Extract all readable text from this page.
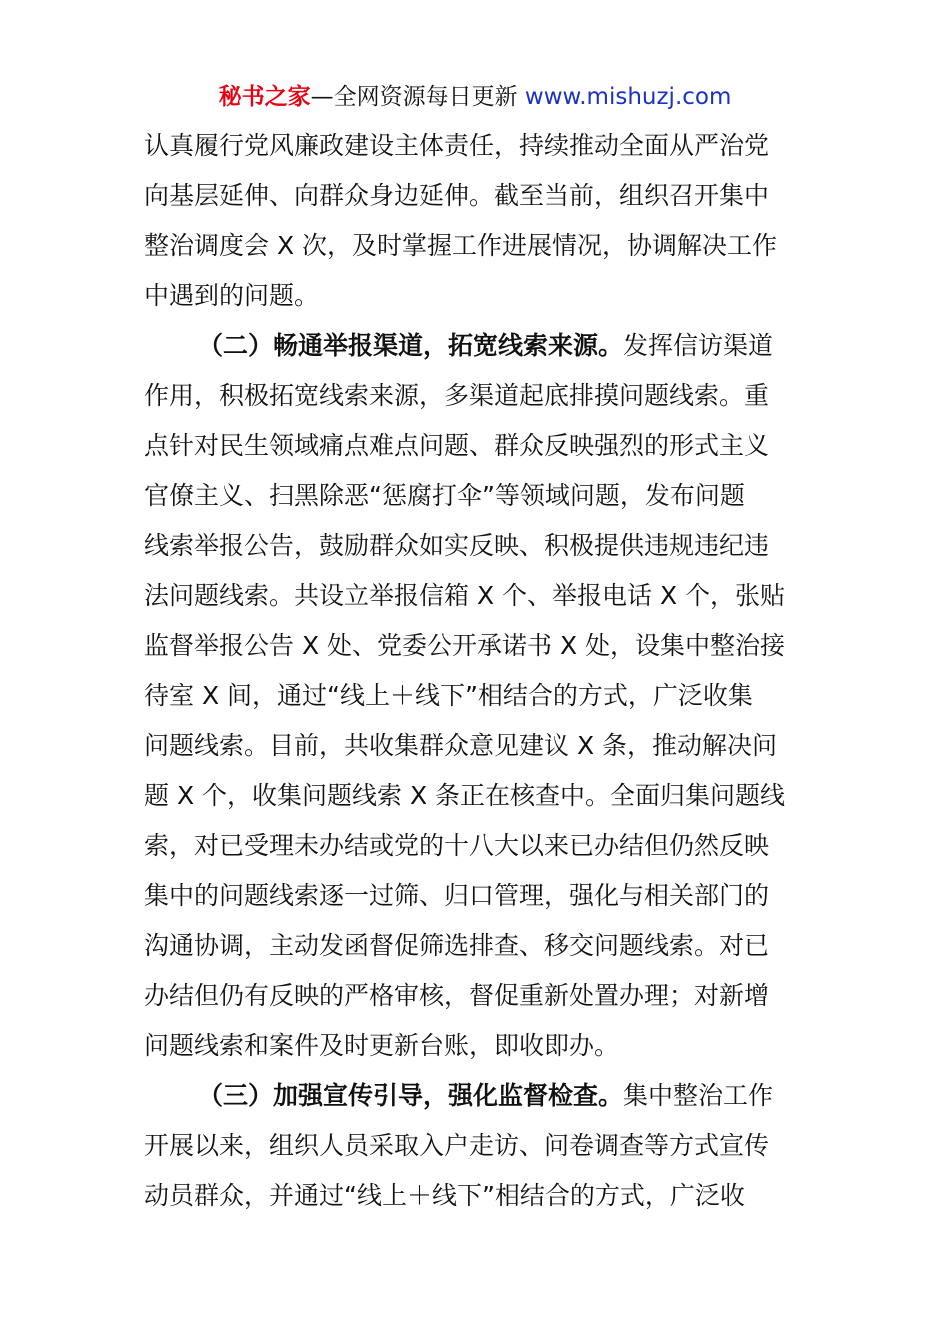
秘书之家—全网资源每日更新 www.mishuzj.com
认真履行党风廉政建设主体责任，持续推动全面从严治党
向基层延伸、向群众身边延伸。截至当前，组织召开集中
整治调度会 X 次，及时掌握工作进展情况，协调解决工作
中遇到的问题。
（二）畅通举报渠道，拓宽线索来源。发挥信访渠道
作用，积极拓宽线索来源，多渠道起底排摸问题线索。重
点针对民生领域痛点难点问题、群众反映强烈的形式主义
官僚主义、扫黑除恶“惩腐打伞”等领域问题，发布问题
线索举报公告，鼓励群众如实反映、积极提供违规违纪违
法问题线索。共设立举报信箱 X 个、举报电话 X 个，张贴
监督举报公告 X 处、党委公开承诺书 X 处，设集中整治接
待室 X 间，通过“线上＋线下”相结合的方式，广泛收集
问题线索。目前，共收集群众意见建议 X 条，推动解决问
题 X 个，收集问题线索 X 条正在核查中。全面归集问题线
索，对已受理未办结或党的十八大以来已办结但仍然反映
集中的问题线索逐一过筛、归口管理，强化与相关部门的
沟通协调，主动发函督促筛选排查、移交问题线索。对已
办结但仍有反映的严格审核，督促重新处置办理；对新增
问题线索和案件及时更新台账，即收即办。
（三）加强宣传引导，强化监督检查。集中整治工作
开展以来，组织人员采取入户走访、问卷调查等方式宣传
动员群众，并通过“线上＋线下”相结合的方式，广泛收
